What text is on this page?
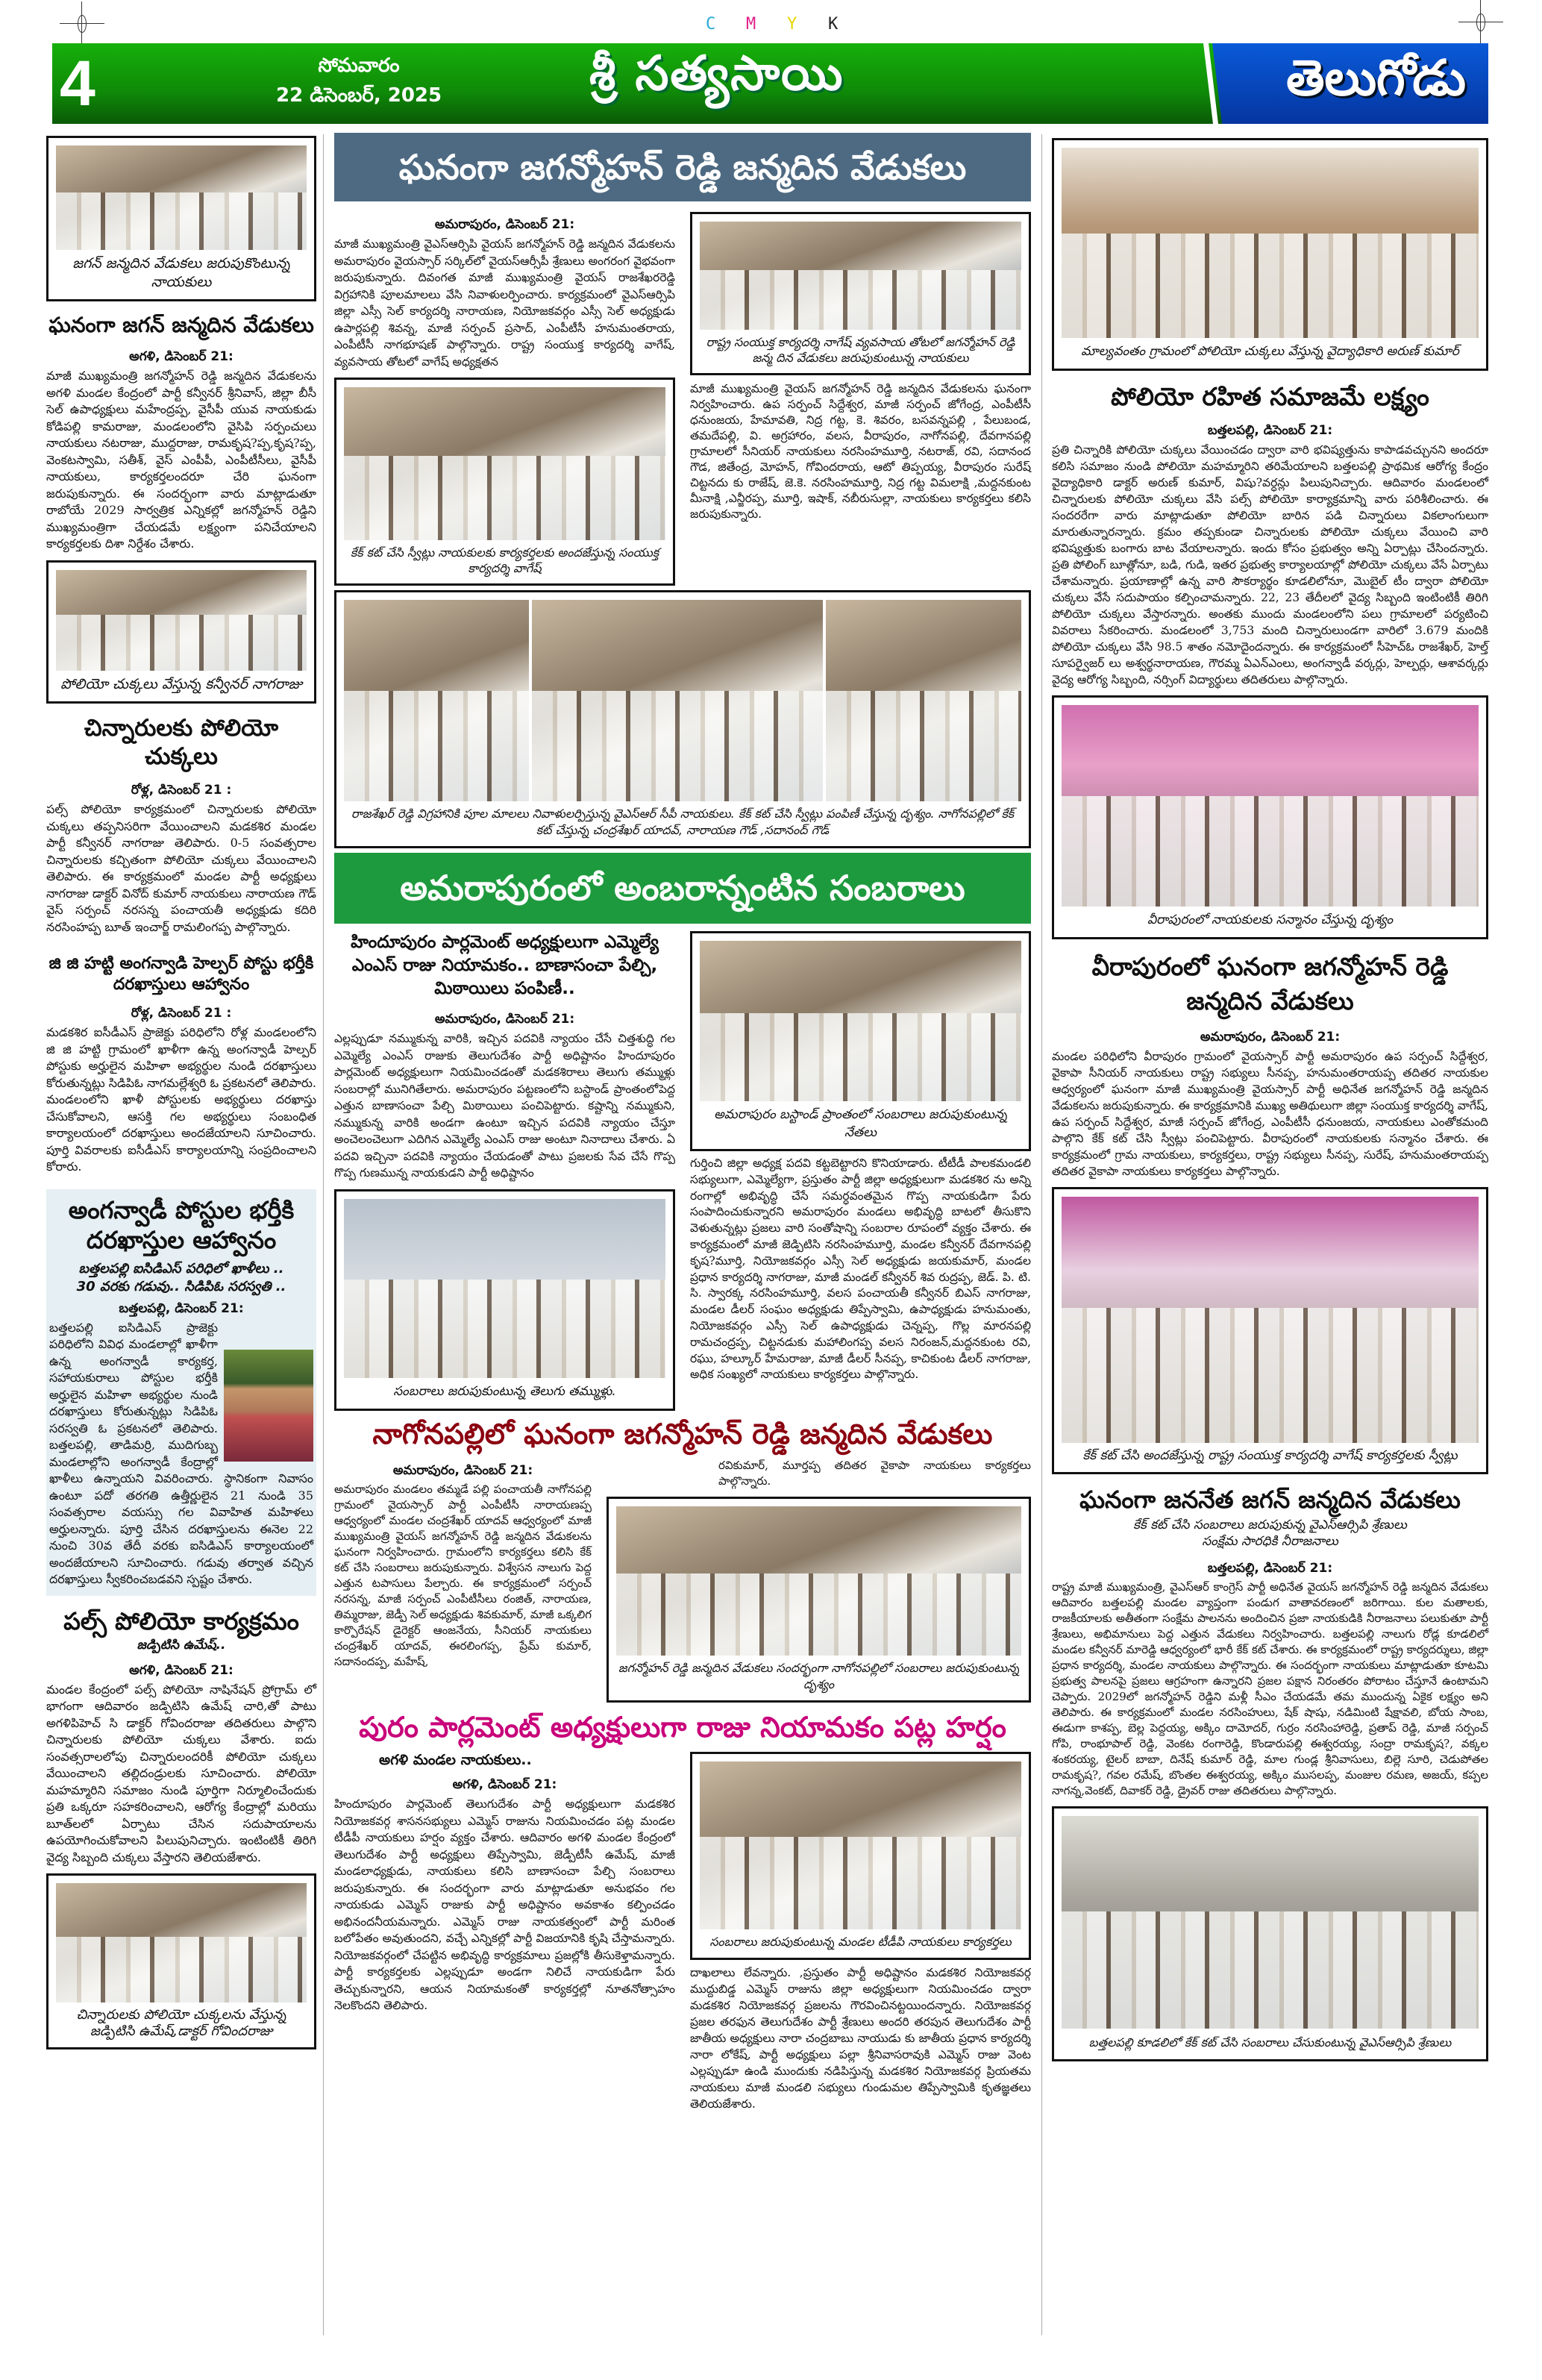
C M Y K
4	సోమవారం
22 డిసెంబర్, 2025	శ్రీ సత్యసాయి	తెలుగోడు
జగన్ జన్మదిన వేడుకలు జరుపుకొంటున్న నాయకులు
ఘనంగా జగన్ జన్మదిన వేడుకలు
అగళి, డిసెంబర్ 21:
మాజీ ముఖ్యమంత్రి జగన్మోహన్ రెడ్డి జన్మదిన వేడుకలను అగళి మండల కేంద్రంలో పార్టీ కన్వీనర్ శ్రీనివాస్, జిల్లా బీసీ సెల్ ఉపాధ్యక్షులు మహేంద్రప్ప, వైసీపీ యువ నాయకుడు కోడిపల్లి కామరాజు, మండలంలోని వైసిపి సర్పంచులు నాయకులు నటరాజు, ముద్దరాజు, రామకృష?ప్ప,కృష?ప్ప, వెంకటస్వామి, సతీశ్, వైస్ ఎంపీపీ, ఎంపీటీసీలు, వైసీపీ నాయకులు, కార్యకర్తలందరూ చేరి ఘనంగా జరుపుకున్నారు. ఈ సందర్భంగా వారు మాట్లాడుతూ రాబోయే 2029 సార్వత్రిక ఎన్నికల్లో జగన్మోహన్ రెడ్డిని ముఖ్యమంత్రిగా చేయడమే లక్ష్యంగా పనిచేయాలని కార్యకర్తలకు దిశా నిర్దేశం చేశారు.
పోలియో చుక్కలు వేస్తున్న కన్వీనర్ నాగరాజు
చిన్నారులకు పోలియో చుక్కలు
రోళ్ల, డిసెంబర్ 21 :
పల్స్ పోలియో కార్యక్రమంలో చిన్నారులకు పోలియో చుక్కలు తప్పనిసరిగా వేయించాలని మడకశిర మండల పార్టీ కన్వీనర్ నాగరాజు తెలిపారు. 0-5 సంవత్సరాల చిన్నారులకు కచ్చితంగా పోలియో చుక్కలు వేయించాలని తెలిపారు. ఈ కార్యక్రమంలో మండల పార్టీ అధ్యక్షులు నాగరాజు డాక్టర్ వినోద్ కుమార్ నాయకులు నారాయణ గౌడ్ వైస్ సర్పంచ్ నరసన్న పంచాయతీ అధ్యక్షుడు కదిరి నరసింహప్ప బూత్ ఇంచార్జ్ రామలింగప్ప పాల్గొన్నారు.
జి జి హట్టి అంగన్వాడి హెల్పర్ పోస్టు భర్తీకి దరఖాస్తులు ఆహ్వానం
రోళ్ల, డిసెంబర్ 21 :
మడకశిర ఐసీడీఎస్ ప్రాజెక్టు పరిధిలోని రోళ్ల మండలంలోని జి జి హట్టి గ్రామంలో ఖాళీగా ఉన్న అంగన్వాడీ హెల్పర్ పోస్టుకు అర్హులైన మహిళా అభ్యర్థుల నుండి దరఖాస్తులు కోరుతున్నట్లు సిడిపిఓ నాగమల్లేశ్వరి ఓ ప్రకటనలో తెలిపారు. మండలంలోని ఖాళీ పోస్టులకు అభ్యర్థులు దరఖాస్తు చేసుకోవాలని, ఆసక్తి గల అభ్యర్థులు సంబంధిత కార్యాలయంలో దరఖాస్తులు అందజేయాలని సూచించారు. పూర్తి వివరాలకు ఐసీడీఎస్ కార్యాలయాన్ని సంప్రదించాలని కోరారు.
అంగన్వాడీ పోస్టుల భర్తీకి దరఖాస్తుల ఆహ్వానం
బత్తలపల్లి ఐసిడిఎస్ పరిధిలో ఖాళీలు ..
30 వరకు గడువు.. సిడిపిఓ సరస్వతి ..
బత్తలపల్లి, డిసెంబర్ 21:
బత్తలపల్లి ఐసిడిఎస్ ప్రాజెక్టు పరిధిలోని వివిధ మండలాల్లో ఖాళీగా ఉన్న అంగన్వాడీ కార్యకర్త, సహాయకురాలు పోస్టుల భర్తీకి అర్హులైన మహిళా అభ్యర్థుల నుండి దరఖాస్తులు కోరుతున్నట్లు సిడిపిఓ సరస్వతి ఓ ప్రకటనలో తెలిపారు. బత్తలపల్లి, తాడిమర్రి, ముదిగుబ్బ మండలాల్లోని అంగన్వాడీ కేంద్రాల్లో ఖాళీలు ఉన్నాయని వివరించారు. స్థానికంగా నివాసం ఉంటూ పదో తరగతి ఉత్తీర్ణులైన 21 నుండి 35 సంవత్సరాల వయస్సు గల వివాహిత మహిళలు అర్హులన్నారు. పూర్తి చేసిన దరఖాస్తులను ఈనెల 22 నుంచి 30వ తేదీ వరకు ఐసిడిఎస్ కార్యాలయంలో అందజేయాలని సూచించారు. గడువు తర్వాత వచ్చిన దరఖాస్తులు స్వీకరించబడవని స్పష్టం చేశారు.
పల్స్ పోలియో కార్యక్రమం
జడ్పిటిసి ఉమేష్..
అగళి, డిసెంబర్ 21:
మండల కేంద్రంలో పల్స్ పోలియో నాషినేషన్ ప్రోగ్రామ్ లో భాగంగా ఆదివారం జడ్పిటిసి ఉమేష్ చారి,తో పాటు అగళిపిహెచ్ సి డాక్టర్ గోవిందరాజు తదితరులు పాల్గొని చిన్నారులకు పోలియో చుక్కలు వేశారు. ఐదు సంవత్సరాలలోపు చిన్నారులందరికీ పోలియో చుక్కలు వేయించాలని తల్లిదండ్రులకు సూచించారు. పోలియో మహమ్మారిని సమాజం నుండి పూర్తిగా నిర్మూలించేందుకు ప్రతి ఒక్కరూ సహకరించాలని, ఆరోగ్య కేంద్రాల్లో మరియు బూత్‌లలో ఏర్పాటు చేసిన సదుపాయాలను ఉపయోగించుకోవాలని పిలుపునిచ్చారు. ఇంటింటికీ తిరిగి వైద్య సిబ్బంది చుక్కలు వేస్తారని తెలియజేశారు.
చిన్నారులకు పోలియో చుక్కలను వేస్తున్న జడ్పిటిసి ఉమేష్,డాక్టర్ గోవిందరాజు
ఘనంగా జగన్మోహన్ రెడ్డి జన్మదిన వేడుకలు
అమరాపురం, డిసెంబర్ 21:
మాజీ ముఖ్యమంత్రి వైఎస్ఆర్సిపి వైయస్ జగన్మోహన్ రెడ్డి జన్మదిన వేడుకలను అమరాపురం వైయస్సార్ సర్కిల్‌లో వైయస్ఆర్సీపీ శ్రేణులు అంగరంగ వైభవంగా జరుపుకున్నారు. దివంగత మాజీ ముఖ్యమంత్రి వైయస్ రాజశేఖరరెడ్డి విగ్రహానికి పూలమాలలు వేసి నివాళులర్పించారు. కార్యక్రమంలో వైఎస్ఆర్సిపి జిల్లా ఎస్సీ సెల్ కార్యదర్శి నారాయణ, నియోజకవర్గం ఎస్సీ సెల్ అధ్యక్షుడు ఉపార్లపల్లి శివన్న, మాజీ సర్పంచ్ ప్రసాద్, ఎంపీటీసీ హనుమంతరాయ, ఎంపీటీసీ నాగభూషణ్ పాల్గొన్నారు. రాష్ట్ర సంయుక్త కార్యదర్శి వాగేష్, వ్యవసాయ తోటలో వాగేష్ అధ్యక్షతన
కేక్ కట్ చేసి స్వీట్లు నాయకులకు కార్యకర్తలకు అందజేస్తున్న సంయుక్త కార్యదర్శి వాగేష్
రాష్ట్ర సంయుక్త కార్యదర్శి నాగేష్ వ్యవసాయ తోటలో జగన్మోహన్ రెడ్డి జన్మ దిన వేడుకలు జరుపుకుంటున్న నాయకులు
మాజీ ముఖ్యమంత్రి వైయస్ జగన్మోహన్ రెడ్డి జన్మదిన వేడుకలను ఘనంగా నిర్వహించారు. ఉప సర్పంచ్ సిద్దేశ్వర, మాజీ సర్పంచ్ జోగేంద్ర, ఎంపీటీసీ ధనుంజయ, హేమావతి, నిద్ర గట్ట, కె. శివరం, బసవన్నపల్లి , పేలుబండ, తమదేపల్లి, వి. అగ్రహారం, వలస, వీరాపురం, నాగోనపల్లి, దేవగానపల్లి గ్రామాలలో సీనియర్ నాయకులు నరసింహమూర్తి, నటరాజ్, రవి, సదానంద గౌడ, జితేంద్ర, మోహన్, గోవిందరాయ, ఆటో తిప్పయ్య, వీరాపురం సురేష్ చిట్టనదు కు రాజేష్, జె.కె. నరసింహమూర్తి, నిద్ర గట్ట విమలాక్షి ,మద్దనకుంట మీనాక్షి ,ఎన్జీరప్ప, మూర్తి, ఇషాక్, నబీరుసుల్లా, నాయకులు కార్యకర్తలు కలిసి జరుపుకున్నారు.
రాజశేఖర్ రెడ్డి విగ్రహానికి పూల మాలలు నివాళులర్పిస్తున్న వైఎస్ఆర్ సీపీ నాయకులు. కేక్ కట్ చేసి స్వీట్లు పంపిణీ చేస్తున్న దృశ్యం. నాగోనపల్లిలో కేక్ కట్ చేస్తున్న చంద్రశేఖర్ యాదవ్, నారాయణ గౌడ్ ,సదానంద్ గౌడ్
అమరాపురంలో అంబరాన్నంటిన సంబరాలు
హిందూపురం పార్లమెంట్ అధ్యక్షులుగా ఎమ్మెల్యే ఎంఎస్ రాజు నియామకం.. బాణాసంచా పేల్చి, మిఠాయిలు పంపిణీ..
అమరాపురం, డిసెంబర్ 21:
ఎల్లప్పుడూ నమ్ముకున్న వారికి, ఇచ్చిన పదవికి న్యాయం చేసే చిత్తశుద్ధి గల ఎమ్మెల్యే ఎంఎస్ రాజుకు తెలుగుదేశం పార్టీ అధిష్టానం హిందూపురం పార్లమెంట్ అధ్యక్షులుగా నియమించడంతో మడకశిరాలు తెలుగు తమ్ముళ్లు సంబరాల్లో మునిగితేలారు. అమరాపురం పట్టణంలోని బస్టాండ్ ప్రాంతంలోపెద్ద ఎత్తున బాణాసంచా పేల్చి మిఠాయిలు పంచిపెట్టారు. కష్టాన్ని నమ్ముకుని, నమ్ముకున్న వారికి అండగా ఉంటూ ఇచ్చిన పదవికి న్యాయం చేస్తూ అంచెలంచెలుగా ఎదిగిన ఎమ్మెల్యే ఎంఎస్ రాజు అంటూ నినాదాలు చేశారు. ఏ పదవి ఇచ్చినా పదవికి న్యాయం చేయడంతో పాటు ప్రజలకు సేవ చేసే గొప్ప గొప్ప గుణమున్న నాయకుడని పార్టీ అధిష్టానం
సంబరాలు జరుపుకుంటున్న తెలుగు తమ్ముళ్లు.
అమరాపురం బస్టాండ్ ప్రాంతంలో సంబరాలు జరుపుకుంటున్న నేతలు
గుర్తించి జిల్లా అధ్యక్ష పదవి కట్టబెట్టారని కొనియాడారు. టీటీడీ పాలకమండలి సభ్యులుగా, ఎమ్మెల్యేగా, ప్రస్తుతం పార్టీ జిల్లా అధ్యక్షులుగా మడకశిర ను అన్ని రంగాల్లో అభివృద్ధి చేసే సమర్ధవంతమైన గొప్ప నాయకుడిగా పేరు సంపాదించుకున్నారని అమరాపురం మండలు అభివృద్ధి బాటలో తీసుకొని వెళుతున్నట్లు ప్రజలు వారి సంతోషాన్ని సంబరాల రూపంలో వ్యక్తం చేశారు. ఈ కార్యక్రమంలో మాజీ జెడ్పిటిసి నరసింహమూర్తి, మండల కన్వీనర్ దేవగానపల్లి కృష?మూర్తి, నియోజకవర్గం ఎస్సీ సెల్ అధ్యక్షుడు జయకుమార్, మండల ప్రధాన కార్యదర్శి నాగరాజు, మాజీ మండల్ కన్వీనర్ శివ రుద్రప్ప, జెడ్. పి. టి. సి. స్వారక్క నరసింహమూర్తి, వలస పంచాయతీ కన్వీనర్ బిఎస్ నాగరాజు, మండల డీలర్ సంఘం అధ్యక్షుడు తిప్పేస్వామి, ఉపాధ్యక్షుడు హనుమంతు, నియోజకవర్గం ఎస్సీ సెల్ ఉపాధ్యక్షుడు చెన్నప్ప, గొల్ల మారనపల్లి రామచంద్రప్ప, చిట్టనడుకు మహాలింగప్ప వలస నిరంజన్,మద్దనకుంట రవి, రఘు, హల్కూర్ హేమరాజు, మాజీ డీలర్ సీనప్ప, కాచికుంట డీలర్ నాగరాజు, అధిక సంఖ్యలో నాయకులు కార్యకర్తలు పాల్గొన్నారు.
నాగోనపల్లిలో ఘనంగా జగన్మోహన్ రెడ్డి జన్మదిన వేడుకలు
అమరాపురం, డిసెంబర్ 21:
అమరాపురం మండలం తమ్మడే పల్లి పంచాయతీ నాగోనపల్లి గ్రామంలో వైయస్సార్ పార్టీ ఎంపీటీసీ నారాయణప్ప ఆధ్వర్యంలో మండల చంద్రశేఖర్ యాదవ్ ఆధ్వర్యంలో మాజీ ముఖ్యమంత్రి వైయస్ జగన్మోహన్ రెడ్డి జన్మదిన వేడుకలను ఘనంగా నిర్వహించారు. గ్రామంలోని కార్యకర్తలు కలిసి కేక్ కట్ చేసి సంబరాలు జరుపుకున్నారు. విశ్వేసన నాలుగు పెద్ద ఎత్తున టపాసులు పేల్చారు. ఈ కార్యక్రమంలో సర్పంచ్ నరసన్న, మాజీ సర్పంచ్ ఎంపీటీసీలు రంజిత్, నారాయణ, తిమ్మరాజు, జెడ్పీ సెల్ అధ్యక్షుడు శివకుమార్, మాజీ ఒక్కలిగ కార్పొరేషన్ డైరెక్టర్ ఆంజనేయ, సీనియర్ నాయకులు చంద్రశేఖర్ యాదవ్, ఈరలింగప్ప, ప్రేమ్ కుమార్, సదానందప్ప, మహేష్,
రవికుమార్, మూర్తప్ప తదితర వైకాపా నాయకులు కార్యకర్తలు పాల్గొన్నారు.
జగన్మోహన్ రెడ్డి జన్మదిన వేడుకలు సందర్భంగా నాగోనపల్లిలో సంబరాలు జరుపుకుంటున్న దృశ్యం
పురం పార్లమెంట్ అధ్యక్షులుగా రాజు నియామకం పట్ల హర్షం
అగళి మండల నాయకులు..
అగళి, డిసెంబర్ 21:
హిందూపురం పార్లమెంట్ తెలుగుదేశం పార్టీ అధ్యక్షులుగా మడకశిర నియోజకవర్గ శాసనసభ్యులు ఎమ్మెస్ రాజును నియమించడం పట్ల మండల టీడీపీ నాయకులు హర్షం వ్యక్తం చేశారు. ఆదివారం అగళి మండల కేంద్రంలో తెలుగుదేశం పార్టీ అధ్యక్షులు తిప్పేస్వామి, జెడ్పీటీసీ ఉమేష్, మాజీ మండలాధ్యక్షుడు, నాయకులు కలిసి బాణాసంచా పేల్చి సంబరాలు జరుపుకున్నారు. ఈ సందర్భంగా వారు మాట్లాడుతూ అనుభవం గల నాయకుడు ఎమ్మెస్ రాజుకు పార్టీ అధిష్టానం అవకాశం కల్పించడం అభినందనీయమన్నారు. ఎమ్మెస్ రాజు నాయకత్వంలో పార్టీ మరింత బలోపేతం అవుతుందని, వచ్చే ఎన్నికల్లో పార్టీ విజయానికి కృషి చేస్తామన్నారు. నియోజకవర్గంలో చేపట్టిన అభివృద్ధి కార్యక్రమాలు ప్రజల్లోకి తీసుకెళ్తామన్నారు. పార్టీ కార్యకర్తలకు ఎల్లప్పుడూ అండగా నిలిచే నాయకుడిగా పేరు తెచ్చుకున్నారని, ఆయన నియామకంతో కార్యకర్తల్లో నూతనోత్సాహం నెలకొందని తెలిపారు.
సంబరాలు జరుపుకుంటున్న మండల టీడీపి నాయకులు కార్యకర్తలు
దాఖలాలు లేవన్నారు. ,ప్రస్తుతం పార్టీ అధిష్టానం మడకశిర నియోజకవర్గ ముద్దుబిడ్డ ఎమ్మెస్ రాజును జిల్లా అధ్యక్షులుగా నియమించడం ద్వారా మడకశిర నియోజకవర్గ ప్రజలను గౌరవించినట్టయిందన్నారు. నియోజకవర్గ ప్రజల తరఫున తెలుగుదేశం పార్టీ శ్రేణులు అందరి తరపున తెలుగుదేశం పార్టీ జాతీయ అధ్యక్షులు నారా చంద్రబాబు నాయుడు కు జాతీయ ప్రధాన కార్యదర్శి నారా లోకేష్, పార్టీ అధ్యక్షులు పల్లా శ్రీనివాసరావుకి ఎమ్మెస్ రాజు వెంట ఎల్లప్పుడూ ఉండి ముందుకు నడిపిస్తున్న మడకశిర నియోజకవర్గ ప్రియతమ నాయకులు మాజీ మండలి సభ్యులు గుండుమల తిప్పేస్వామికి కృతజ్ఞతలు తెలియజేశారు.
మాల్యవంతం గ్రామంలో పోలియో చుక్కలు వేస్తున్న వైద్యాధికారి అరుణ్ కుమార్
పోలియో రహిత సమాజమే లక్ష్యం
బత్తలపల్లి, డిసెంబర్ 21:
ప్రతి చిన్నారికి పోలియో చుక్కలు వేయించడం ద్వారా వారి భవిష్యత్తును కాపాడవచ్చునని అందరూ కలిసి సమాజం నుండి పోలియో మహమ్మారిని తరిమేయాలని బత్తలపల్లి ప్రాథమిక ఆరోగ్య కేంద్రం వైద్యాధికారి డాక్టర్ అరుణ్ కుమార్, విషు?వర్ధన్లు పిలుపునిచ్చారు. ఆదివారం మండలంలో చిన్నారులకు పోలియో చుక్కలు వేసి పల్స్ పోలియో కార్యాక్రమాన్ని వారు పరిశీలించారు. ఈ సందరరేగా వారు మాట్లాడుతూ పోలియో బారిన పడి చిన్నారులు వికలాంగులుగా మారుతున్నారన్నారు. క్రమం తప్పకుండా చిన్నారులకు పోలియో చుక్కలు వేయించి వారి భవిష్యత్తుకు బంగారు బాట వేయాలన్నారు. ఇందు కోసం ప్రభుత్వం అన్ని ఏర్పాట్లు చేసిందన్నారు. ప్రతి పోలింగ్ బూత్లోనూ, బడి, గుడి, ఇతర ప్రభుత్వ కార్యాలయాల్లో పోలియో చుక్కలు వేసే ఏర్పాటు చేశామన్నారు. ప్రయాణాల్లో ఉన్న వారి సౌకర్యార్థం కూడలిలోనూ, మొబైల్ టీం ద్వారా పోలియో చుక్కలు వేసే సదుపాయం కల్పించామన్నారు. 22, 23 తేదీలలో వైద్య సిబ్బంది ఇంటింటికీ తిరిగి పోలియో చుక్కలు వేస్తారన్నారు. అంతకు ముందు మండలంలోని పలు గ్రామాలలో పర్యటించి వివరాలు సేకరించారు. మండలంలో 3,753 మంది చిన్నారులుండగా వారిలో 3.679 మందికి పోలియో చుక్కలు వేసి 98.5 శాతం నమోదైందన్నారు. ఈ కార్యక్రమంలో సీహెచ్ఓ రాజశేఖర్, హెల్త్ సూపర్వైజర్ లు అశ్వర్థనారాయణ, గౌరమ్మ ఏఎన్ఎంలు, అంగన్వాడీ వర్కర్లు, హెల్పర్లు, ఆశావర్కర్లు వైద్య ఆరోగ్య సిబ్బంది, నర్సింగ్ విద్యార్థులు తదితరులు పాల్గొన్నారు.
వీరాపురంలో నాయకులకు సన్మానం చేస్తున్న దృశ్యం
వీరాపురంలో ఘనంగా జగన్మోహన్ రెడ్డి జన్మదిన వేడుకలు
అమరాపురం, డిసెంబర్ 21:
మండల పరిధిలోని వీరాపురం గ్రామంలో వైయస్సార్ పార్టీ అమరాపురం ఉప సర్పంచ్ సిద్దేశ్వర, వైకాపా సీనియర్ నాయకులు రాష్ట్ర సభ్యులు సీనప్ప, హనుమంతరాయప్ప తదితర నాయకుల ఆధ్వర్యంలో ఘనంగా మాజీ ముఖ్యమంత్రి వైయస్సార్ పార్టీ అధినేత జగన్మోహన్ రెడ్డి జన్మదిన వేడుకలను జరుపుకున్నారు. ఈ కార్యక్రమానికి ముఖ్య అతిథులుగా జిల్లా సంయుక్త కార్యదర్శి వాగేష్, ఉప సర్పంచ్ సిద్దేశ్వర, మాజీ సర్పంచ్ జోగేంద్ర, ఎంపీటీసీ ధనుంజయ, నాయకులు ఎంతోకమంది పాల్గొని కేక్ కట్ చేసి స్వీట్లు పంచిపెట్టారు. వీరాపురంలో నాయకులకు సన్మానం చేశారు. ఈ కార్యక్రమంలో గ్రామ నాయకులు, కార్యకర్తలు, రాష్ట్ర సభ్యులు సీనప్ప, సురేష్, హనుమంతరాయప్ప తదితర వైకాపా నాయకులు కార్యకర్తలు పాల్గొన్నారు.
కేక్ కట్ చేసి అందజేస్తున్న రాష్ట్ర సంయుక్త కార్యదర్శి వాగేష్ కార్యకర్తలకు స్వీట్లు
ఘనంగా జననేత జగన్ జన్మదిన వేడుకలు
కేక్ కట్ చేసి సంబరాలు జరుపుకున్న వైఎస్ఆర్సిపి శ్రేణులు
సంక్షేమ సారధికి నీరాజనాలు
బత్తలపల్లి, డిసెంబర్ 21:
రాష్ట్ర మాజీ ముఖ్యమంత్రి, వైఎస్ఆర్ కాంగ్రెస్ పార్టీ అధినేత వైయస్ జగన్మోహన్ రెడ్డి జన్మదిన వేడుకలు ఆదివారం బత్తలపల్లి మండల వ్యాప్తంగా పండుగ వాతావరణంలో జరిగాయి. కుల మతాలకు, రాజకీయాలకు అతీతంగా సంక్షేమ పాలనను అందించిన ప్రజా నాయకుడికి నీరాజనాలు పలుకుతూ పార్టీ శ్రేణులు, అభిమానులు పెద్ద ఎత్తున వేడుకలు నిర్వహించారు. బత్తలపల్లి నాలుగు రోడ్ల కూడలిలో మండల కన్వీనర్ మారెడ్డి ఆధ్వర్యంలో భారీ కేక్ కట్ చేశారు. ఈ కార్యక్రమంలో రాష్ట్ర కార్యదర్శులు, జిల్లా ప్రధాన కార్యదర్శి, మండల నాయకులు పాల్గొన్నారు. ఈ సందర్భంగా నాయకులు మాట్లాడుతూ కూటమి ప్రభుత్వ పాలనపై ప్రజలు ఆగ్రహంగా ఉన్నారని ప్రజల పక్షాన నిరంతరం పోరాటం చేస్తూనే ఉంటామని చెప్పారు. 2029లో జగన్మోహన్ రెడ్డిని మళ్లీ సీఎం చేయడమే తమ ముందున్న ఏకైక లక్ష్యం అని తెలిపారు. ఈ కార్యక్రమంలో మండల నరసింహులు, షేక్ షాషు, నడిమింటి షేక్షావలి, బోయ సాంబ, ఈడుగా కాశప్ప, బెల్ల పెద్దయ్య, అక్కిం దామోదర్, గుర్రం నరసింహారెడ్డి, ప్రతాప్ రెడ్డి, మాజీ సర్పంచ్ గోపి, రాంభూపాల్ రెడ్డి, వెంకట రంగారెడ్డి, కొండారుపల్లి ఈశ్వరయ్య, సంద్రా రామకృష?, వక్కల శంకరయ్య, టైలర్ బాబా, దినేష్ కుమార్ రెడ్డి, మాల గుండ్ల శ్రీనివాసులు, బిల్లె సూరి, చెడుపోతల రామకృష?, గవల రమేష్, బొంతల ఈశ్వరయ్య, అక్కిం ముసలప్ప, మంజుల రమణ, అజయ్, కప్పల నాగన్న,వెంకట్, దివాకర్ రెడ్డి, డ్రైవర్ రాజు తదితరులు పాల్గొన్నారు.
బత్తలపల్లి కూడలిలో కేక్ కట్ చేసి సంబరాలు చేసుకుంటున్న వైఎస్ఆర్సిపి శ్రేణులు
